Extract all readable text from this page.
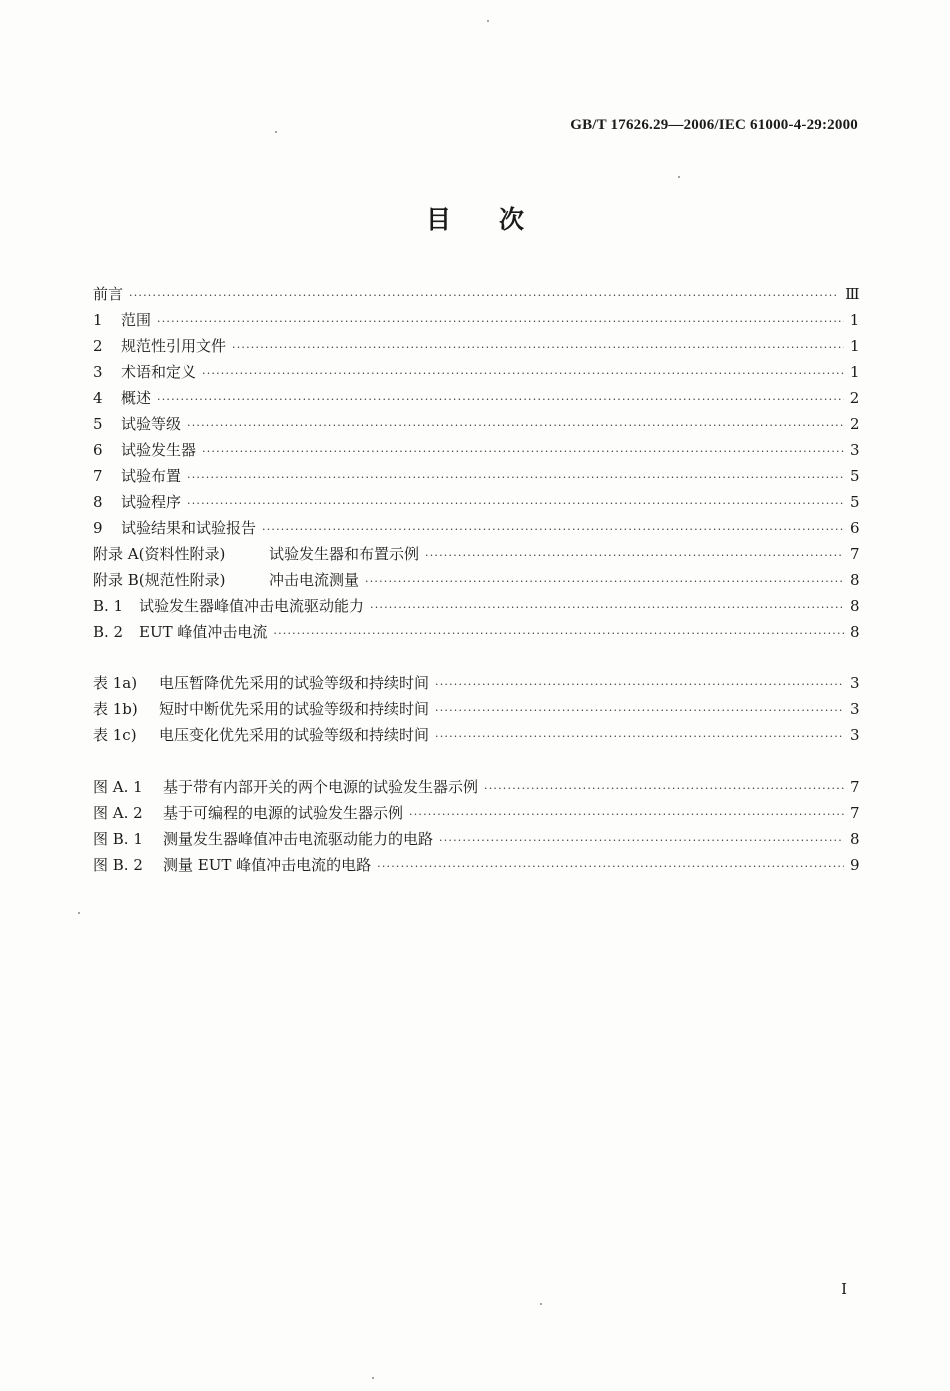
GB/T 17626.29—2006/IEC 61000-4-29:2000
目次
前言 ·····	Ⅲ
1	范围 ·····	1
2	规范性引用文件 ·····	1
3	术语和定义 ·····	1
4	概述 ·····	2
5	试验等级 ·····	2
6	试验发生器 ·····	3
7	试验布置 ·····	5
8	试验程序 ·····	5
9	试验结果和试验报告 ·····	6
附录 A(资料性附录)	试验发生器和布置示例 ·····	7
附录 B(规范性附录)	冲击电流测量 ·····	8
B. 1	试验发生器峰值冲击电流驱动能力 ·····	8
B. 2	EUT 峰值冲击电流 ·····	8
表 1a)	电压暂降优先采用的试验等级和持续时间 ·····	3
表 1b)	短时中断优先采用的试验等级和持续时间 ·····	3
表 1c)	电压变化优先采用的试验等级和持续时间 ·····	3
图 A. 1	基于带有内部开关的两个电源的试验发生器示例 ·····	7
图 A. 2	基于可编程的电源的试验发生器示例 ·····	7
图 B. 1	测量发生器峰值冲击电流驱动能力的电路 ·····	8
图 B. 2	测量 EUT 峰值冲击电流的电路 ·····	9
I
